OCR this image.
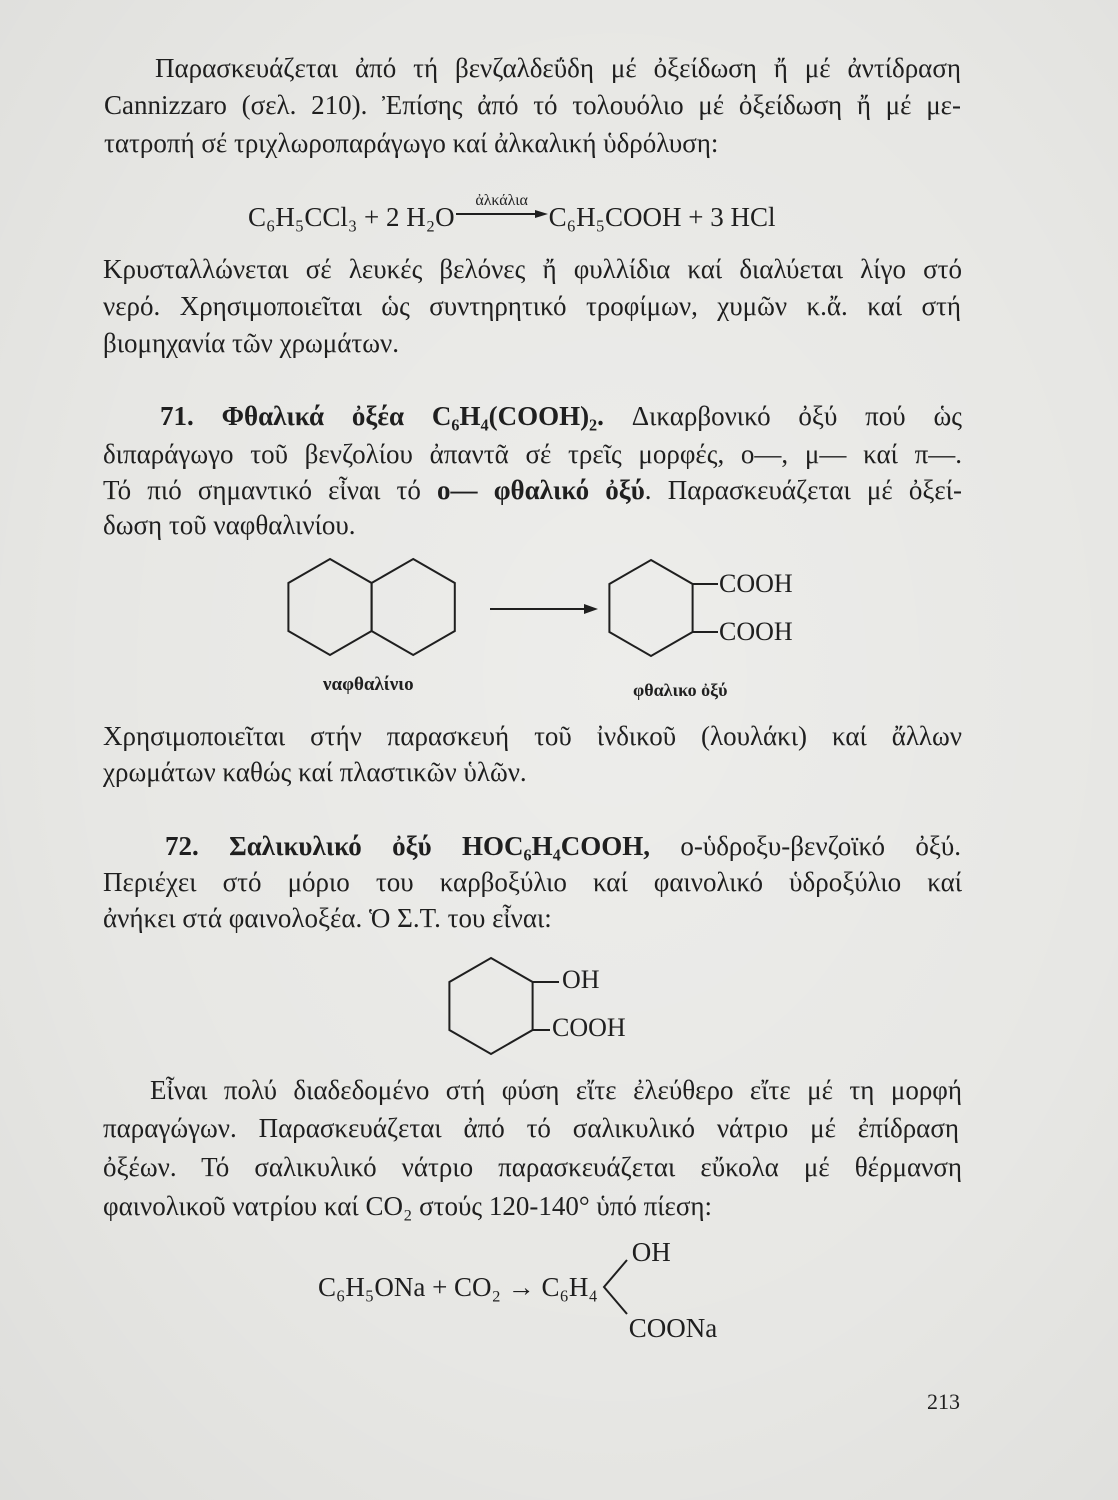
Παρασκευάζεται ἀπό τή βενζαλδεΰδη μέ ὀξείδωση ἤ μέ ἀντίδραση
Cannizzaro (σελ. 210). Ἐπίσης ἀπό τό τολουόλιο μέ ὀξείδωση ἤ μέ με-
τατροπή σέ τριχλωροπαράγωγο καί ἀλκαλική ὑδρόλυση:
C₆H₅CCl₃ + 2 H₂O
ἀλκάλια
C₆H₅COOH + 3 HCl
Κρυσταλλώνεται σέ λευκές βελόνες ἤ φυλλίδια καί διαλύεται λίγο στό
νερό. Χρησιμοποιεῖται ὡς συντηρητικό τροφίμων, χυμῶν κ.ἄ. καί στή
βιομηχανία τῶν χρωμάτων.
71. Φθαλικά ὀξέα C₆H₄(COOH)₂. Δικαρβονικό ὀξύ πού ὡς
διπαράγωγο τοῦ βενζολίου ἀπαντᾶ σέ τρεῖς μορφές, ο—, μ— καί π—.
Τό πιό σημαντικό εἶναι τό ο— φθαλικό ὀξύ. Παρασκευάζεται μέ ὀξεί-
δωση τοῦ ναφθαλινίου.
COOH
COOH
ναφθαλίνιο	φθαλικο ὀξύ
Χρησιμοποιεῖται στήν παρασκευή τοῦ ἰνδικοῦ (λουλάκι) καί ἄλλων
χρωμάτων καθώς καί πλαστικῶν ὑλῶν.
72. Σαλικυλικό ὀξύ HOC₆H₄COOH, ο-ὑδροξυ-βενζοϊκό ὀξύ.
Περιέχει στό μόριο του καρβοξύλιο καί φαινολικό ὑδροξύλιο καί
ἀνήκει στά φαινολοξέα. Ὁ Σ.Τ. του εἶναι:
OH
COOH
Εἶναι πολύ διαδεδομένο στή φύση εἴτε ἐλεύθερο εἴτε μέ τη μορφή
παραγώγων. Παρασκευάζεται ἀπό τό σαλικυλικό νάτριο μέ ἐπίδραση
ὀξέων. Τό σαλικυλικό νάτριο παρασκευάζεται εὔκολα μέ θέρμανση
φαινολικοῦ νατρίου καί CO₂ στούς 120-140° ὑπό πίεση:
C₆H₅ONa + CO₂ → C₆H₄
OH
COONa
213
